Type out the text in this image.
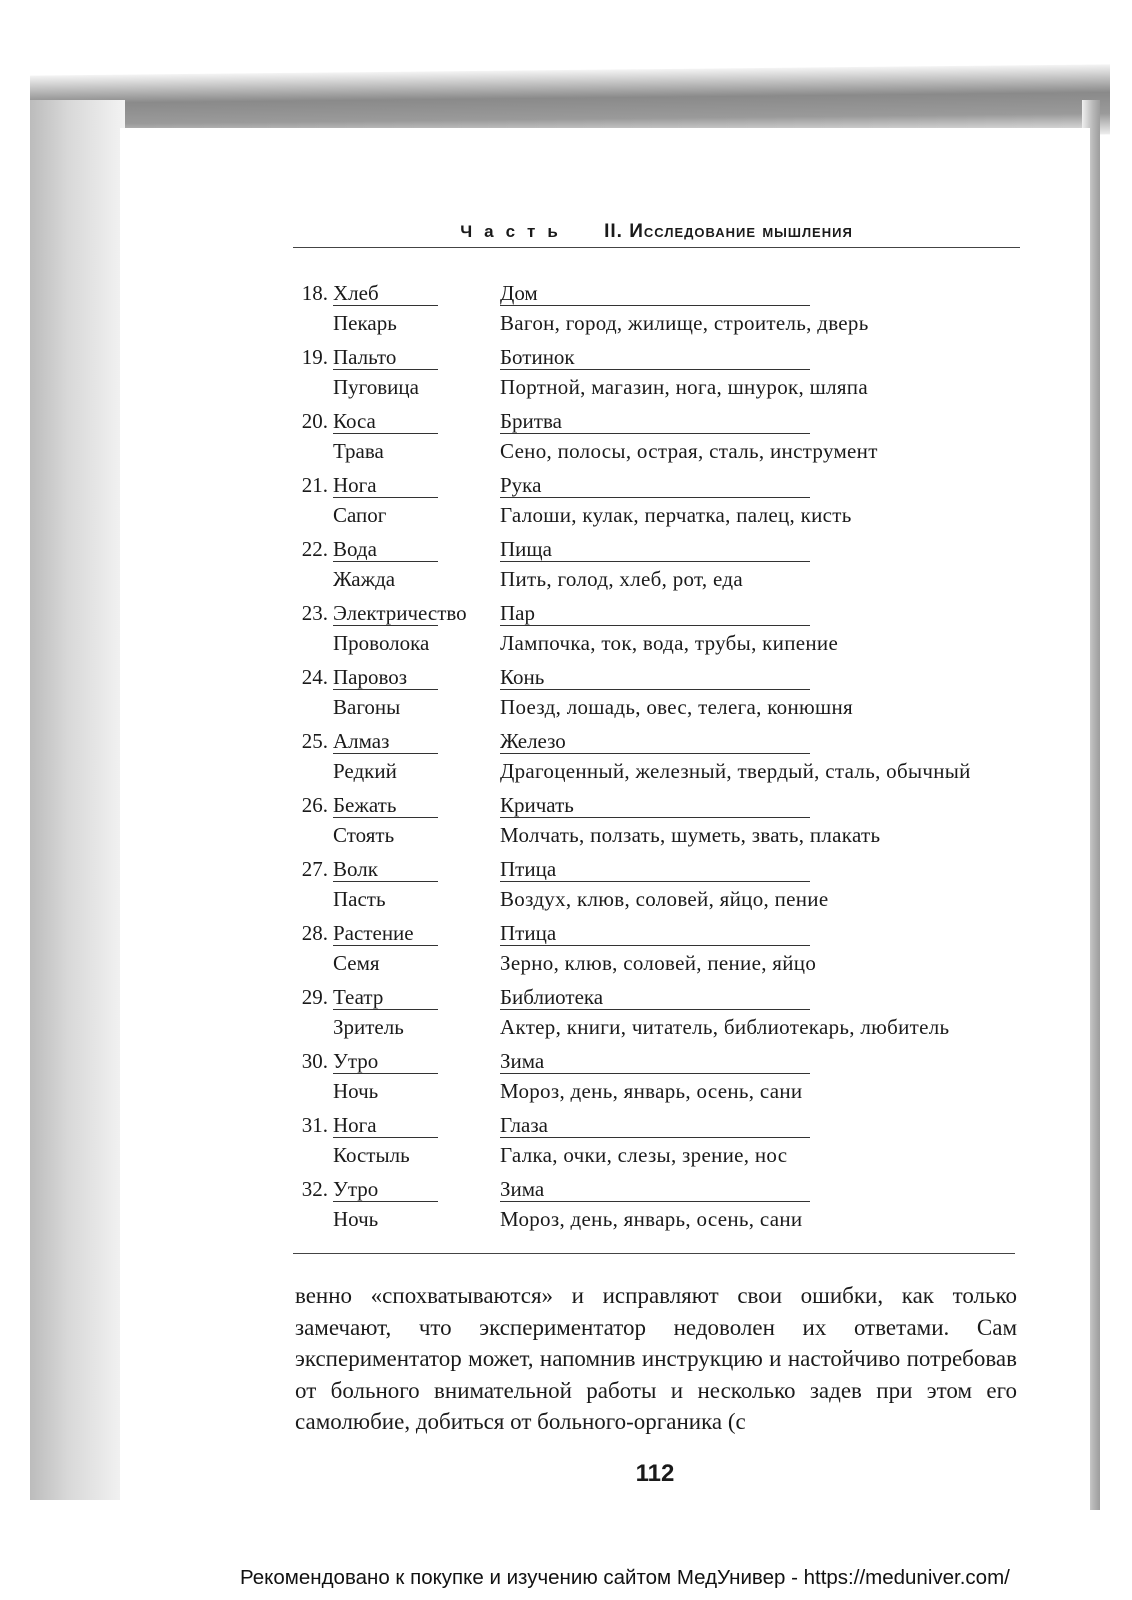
Часть II. Исследование мышления
18. Хлеб
Пекарь
Дом
Вагон, город, жилище, строитель, дверь
19. Пальто
Пуговица
Ботинок
Портной, магазин, нога, шнурок, шляпа
20. Коса
Трава
Бритва
Сено, полосы, острая, сталь, инструмент
21. Нога
Сапог
Рука
Галоши, кулак, перчатка, палец, кисть
22. Вода
Жажда
Пища
Пить, голод, хлеб, рот, еда
23. Электричество
Проволока
Пар
Лампочка, ток, вода, трубы, кипение
24. Паровоз
Вагоны
Конь
Поезд, лошадь, овес, телега, конюшня
25. Алмаз
Редкий
Железо
Драгоценный, железный, твердый, сталь, обычный
26. Бежать
Стоять
Кричать
Молчать, ползать, шуметь, звать, плакать
27. Волк
Пасть
Птица
Воздух, клюв, соловей, яйцо, пение
28. Растение
Семя
Птица
Зерно, клюв, соловей, пение, яйцо
29. Театр
Зритель
Библиотека
Актер, книги, читатель, библиотекарь, любитель
30. Утро
Ночь
Зима
Мороз, день, январь, осень, сани
31. Нога
Костыль
Глаза
Галка, очки, слезы, зрение, нос
32. Утро
Ночь
Зима
Мороз, день, январь, осень, сани

венно «спохватываются» и исправляют свои ошибки, как только замечают, что экспериментатор недоволен их ответами. Сам экспериментатор может, напомнив инструкцию и настойчиво потребовав от больного внимательной работы и несколько задев при этом его самолюбие, добиться от больного-органика (с

112
Рекомендовано к покупке и изучению сайтом МедУнивер - https://meduniver.com/
